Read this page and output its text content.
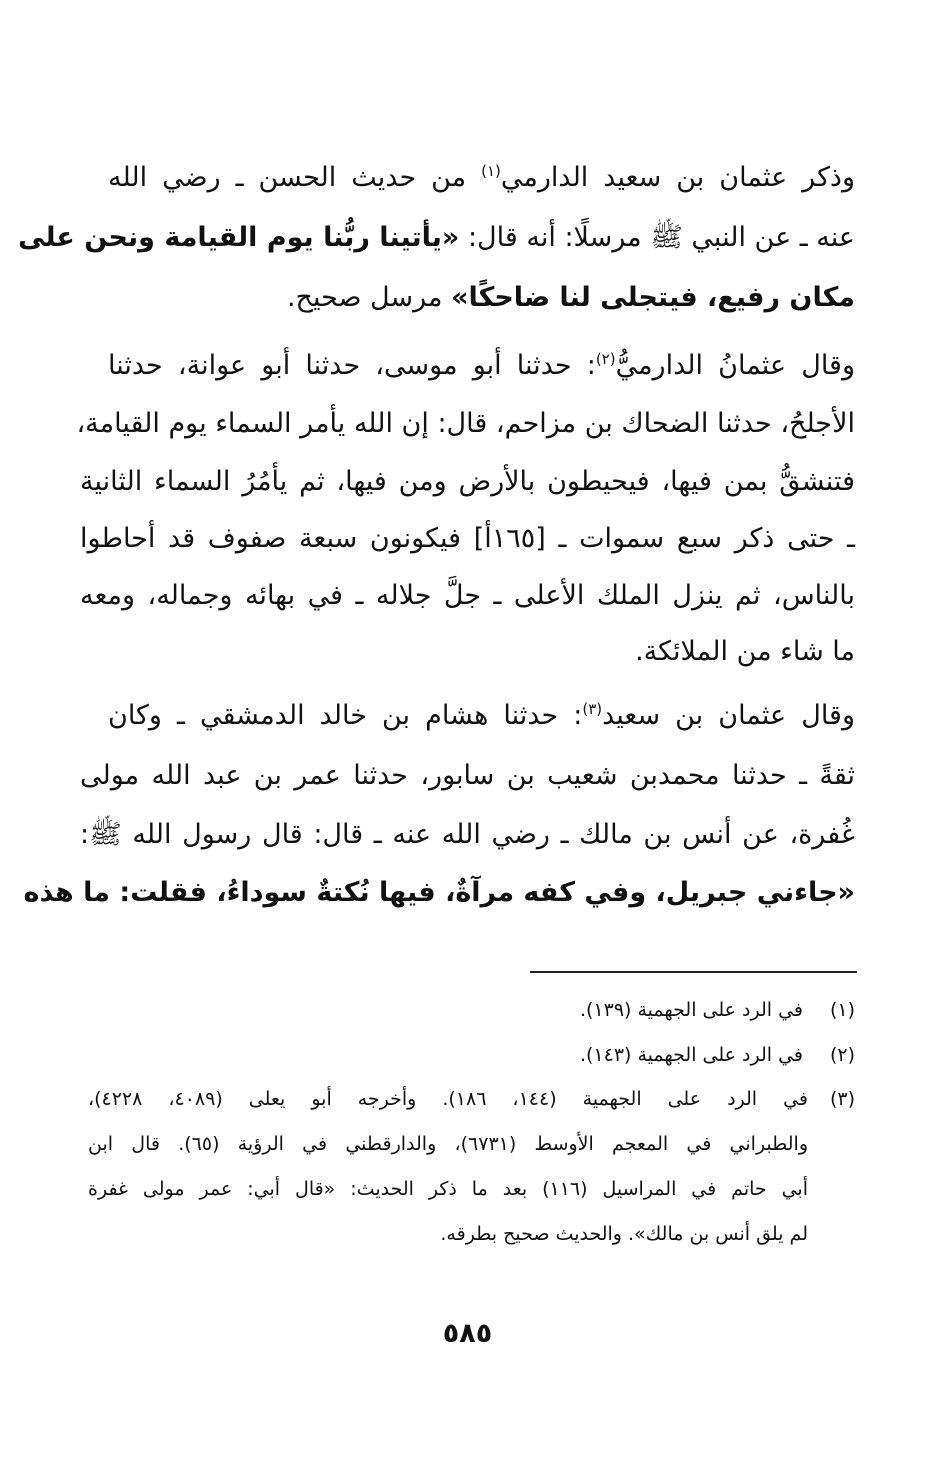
وذكر عثمان بن سعيد الدارمي$^{(١)}$ من حديث الحسن ـ رضي الله
عنه ـ عن النبي ﷺ مرسلًا: أنه قال: «يأتينا ربُّنا يوم القيامة ونحن على
مكان رفيع، فيتجلى لنا ضاحكًا» مرسل صحيح.
وقال عثمانُ الدارميُّ$^{(٢)}$: حدثنا أبو موسى، حدثنا أبو عوانة، حدثنا
الأجلحُ، حدثنا الضحاك بن مزاحم، قال: إن الله يأمر السماء يوم القيامة،
فتنشقُّ بمن فيها، فيحيطون بالأرض ومن فيها، ثم يأمُرُ السماء الثانية
ـ حتى ذكر سبع سموات ـ [١٦٥أ] فيكونون سبعة صفوف قد أحاطوا
بالناس، ثم ينزل الملك الأعلى ـ جلَّ جلاله ـ في بهائه وجماله، ومعه
ما شاء من الملائكة.
وقال عثمان بن سعيد$^{(٣)}$: حدثنا هشام بن خالد الدمشقي ـ وكان
ثقةً ـ حدثنا محمدبن شعيب بن سابور، حدثنا عمر بن عبد الله مولى
غُفرة، عن أنس بن مالك ـ رضي الله عنه ـ قال: قال رسول الله ﷺ:
«جاءني جبريل، وفي كفه مرآةٌ، فيها نُكتةٌ سوداءُ، فقلت: ما هذه
(١)في الرد على الجهمية (١٣٩).
(٢)في الرد على الجهمية (١٤٣).
(٣)
في الرد على الجهمية (١٤٤، ١٨٦). وأخرجه أبو يعلى (٤٠٨٩، ٤٢٢٨)،
والطبراني في المعجم الأوسط (٦٧٣١)، والدارقطني في الرؤية (٦٥). قال ابن
أبي حاتم في المراسيل (١١٦) بعد ما ذكر الحديث: «قال أبي: عمر مولى غفرة
لم يلق أنس بن مالك». والحديث صحيح بطرقه.
٥٨٥
